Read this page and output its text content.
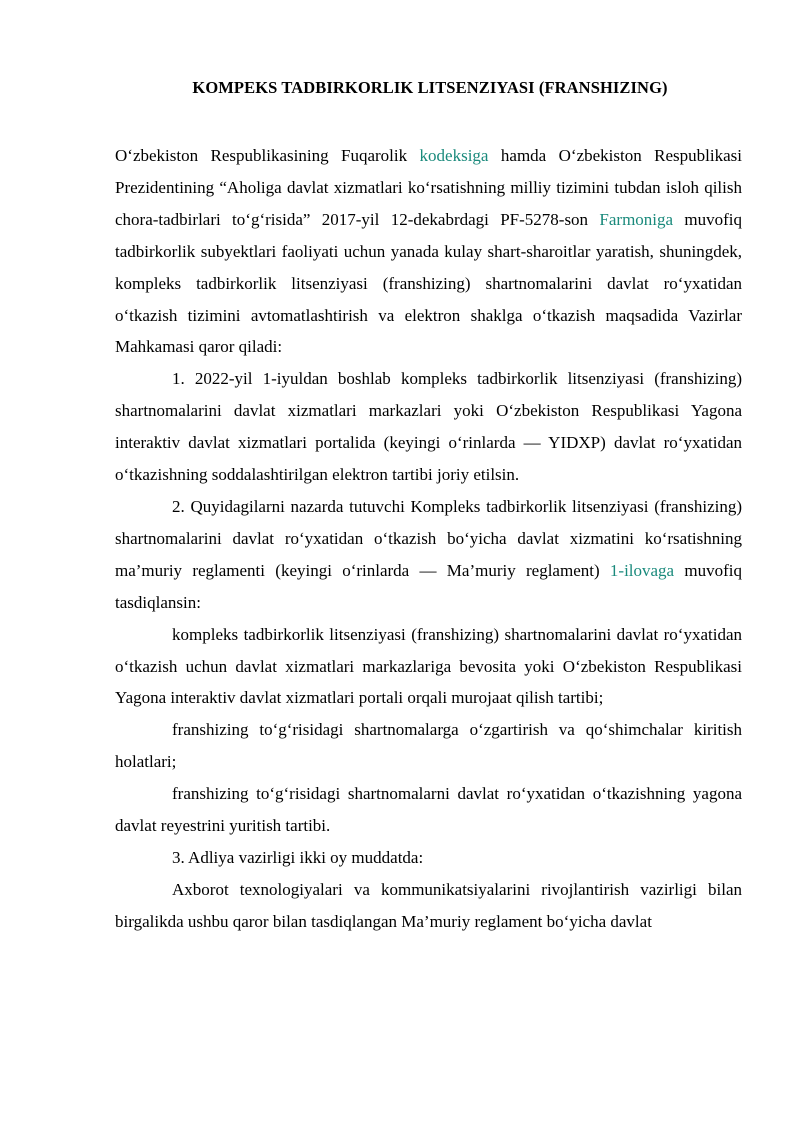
KOMPEKS TADBIRKORLIK LITSENZIYASI (FRANSHIZING)

O‘zbekiston Respublikasining Fuqarolik kodeksiga hamda O‘zbekiston Respublikasi Prezidentining “Aholiga davlat xizmatlari ko‘rsatishning milliy tizimini tubdan isloh qilish chora-tadbirlari to‘g‘risida” 2017-yil 12-dekabrdagi PF-5278-son Farmoniga muvofiq tadbirkorlik subyektlari faoliyati uchun yanada kulay shart-sharoitlar yaratish, shuningdek, kompleks tadbirkorlik litsenziyasi (franshizing) shartnomalarini davlat ro‘yxatidan o‘tkazish tizimini avtomatlashtirish va elektron shaklga o‘tkazish maqsadida Vazirlar Mahkamasi qaror qiladi:

1. 2022-yil 1-iyuldan boshlab kompleks tadbirkorlik litsenziyasi (franshizing) shartnomalarini davlat xizmatlari markazlari yoki O‘zbekiston Respublikasi Yagona interaktiv davlat xizmatlari portalida (keyingi o‘rinlarda — YIDXP) davlat ro‘yxatidan o‘tkazishning soddalashtirilgan elektron tartibi joriy etilsin.

2. Quyidagilarni nazarda tutuvchi Kompleks tadbirkorlik litsenziyasi (franshizing) shartnomalarini davlat ro‘yxatidan o‘tkazish bo‘yicha davlat xizmatini ko‘rsatishning ma’muriy reglamenti (keyingi o‘rinlarda — Ma’muriy reglament) 1-ilovaga muvofiq tasdiqlansin:

kompleks tadbirkorlik litsenziyasi (franshizing) shartnomalarini davlat ro‘yxatidan o‘tkazish uchun davlat xizmatlari markazlariga bevosita yoki O‘zbekiston Respublikasi Yagona interaktiv davlat xizmatlari portali orqali murojaat qilish tartibi;

franshizing to‘g‘risidagi shartnomalarga o‘zgartirish va qo‘shimchalar kiritish holatlari;

franshizing to‘g‘risidagi shartnomalarni davlat ro‘yxatidan o‘tkazishning yagona davlat reyestrini yuritish tartibi.

3. Adliya vazirligi ikki oy muddatda:

Axborot texnologiyalari va kommunikatsiyalarini rivojlantirish vazirligi bilan birgalikda ushbu qaror bilan tasdiqlangan Ma’muriy reglament bo‘yicha davlat
